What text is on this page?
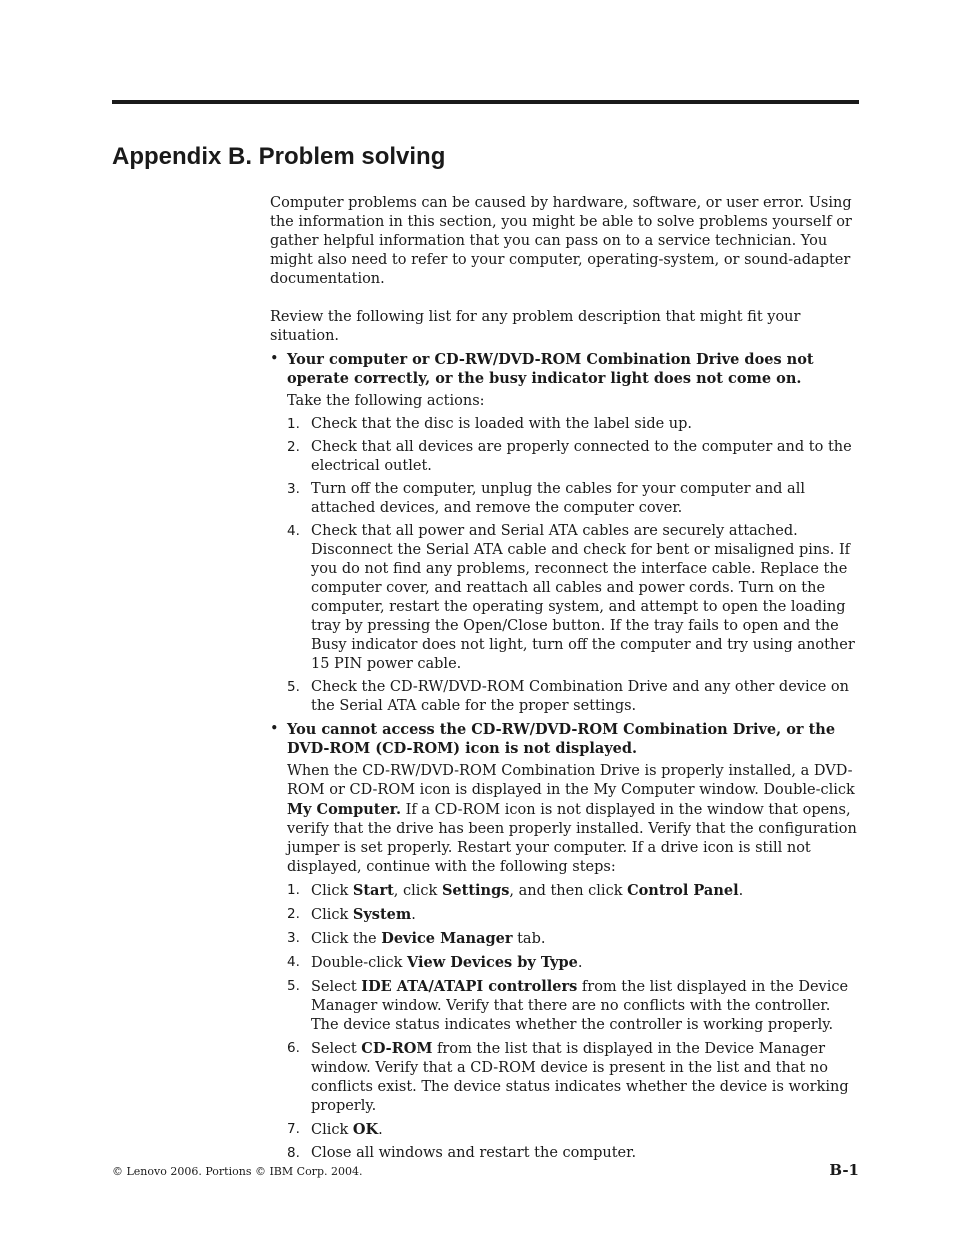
Appendix B. Problem solving

Computer problems can be caused by hardware, software, or user error. Using the information in this section, you might be able to solve problems yourself or gather helpful information that you can pass on to a service technician. You might also need to refer to your computer, operating-system, or sound-adapter documentation.

Review the following list for any problem description that might fit your situation.

• Your computer or CD-RW/DVD-ROM Combination Drive does not operate correctly, or the busy indicator light does not come on.

Take the following actions:

1. Check that the disc is loaded with the label side up.
2. Check that all devices are properly connected to the computer and to the electrical outlet.
3. Turn off the computer, unplug the cables for your computer and all attached devices, and remove the computer cover.
4. Check that all power and Serial ATA cables are securely attached. Disconnect the Serial ATA cable and check for bent or misaligned pins. If you do not find any problems, reconnect the interface cable. Replace the computer cover, and reattach all cables and power cords. Turn on the computer, restart the operating system, and attempt to open the loading tray by pressing the Open/Close button. If the tray fails to open and the Busy indicator does not light, turn off the computer and try using another 15 PIN power cable.
5. Check the CD-RW/DVD-ROM Combination Drive and any other device on the Serial ATA cable for the proper settings.
• You cannot access the CD-RW/DVD-ROM Combination Drive, or the DVD-ROM (CD-ROM) icon is not displayed.

When the CD-RW/DVD-ROM Combination Drive is properly installed, a DVD-ROM or CD-ROM icon is displayed in the My Computer window. Double-click My Computer. If a CD-ROM icon is not displayed in the window that opens, verify that the drive has been properly installed. Verify that the configuration jumper is set properly. Restart your computer. If a drive icon is still not displayed, continue with the following steps:

1. Click Start, click Settings, and then click Control Panel.
2. Click System.
3. Click the Device Manager tab.
4. Double-click View Devices by Type.
5. Select IDE ATA/ATAPI controllers from the list displayed in the Device Manager window. Verify that there are no conflicts with the controller. The device status indicates whether the controller is working properly.
6. Select CD-ROM from the list that is displayed in the Device Manager window. Verify that a CD-ROM device is present in the list and that no conflicts exist. The device status indicates whether the device is working properly.
7. Click OK.
8. Close all windows and restart the computer.
© Lenovo 2006. Portions © IBM Corp. 2004.	B-1
